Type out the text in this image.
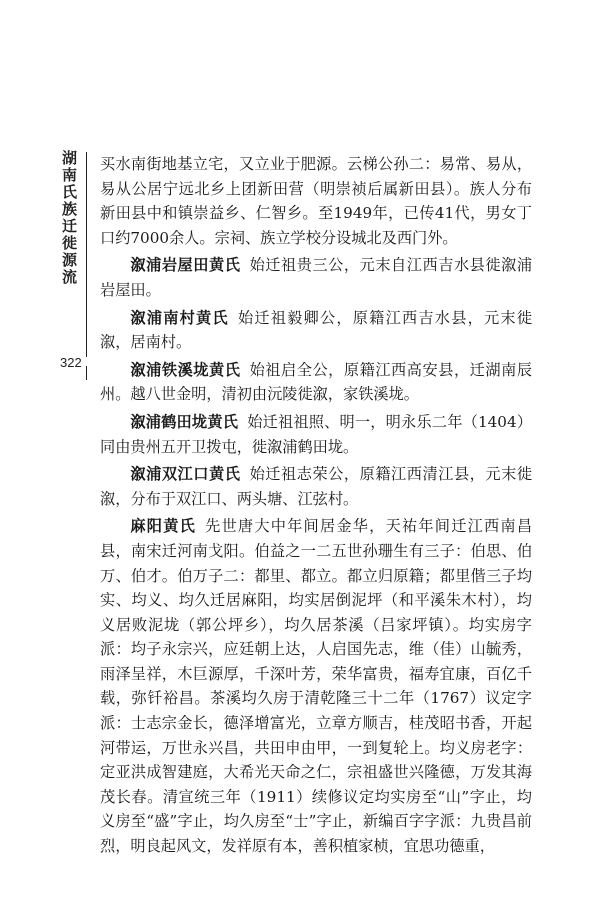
湖南氏族迁徙源流
322

买水南街地基立宅，又立业于肥源。云梯公孙二：易常、易从，易从公居宁远北乡上团新田营（明崇祯后属新田县）。族人分布新田县中和镇崇益乡、仁智乡。至1949年，已传41代，男女丁口约7000余人。宗祠、族立学校分设城北及西门外。

溆浦岩屋田黄氏 始迁祖贵三公，元末自江西吉水县徙溆浦岩屋田。

溆浦南村黄氏 始迁祖毅卿公，原籍江西吉水县，元末徙溆，居南村。

溆浦铁溪垅黄氏 始祖启全公，原籍江西高安县，迁湖南辰州。越八世金明，清初由沅陵徙溆，家铁溪垅。

溆浦鹤田垅黄氏 始迁祖祖照、明一，明永乐二年（1404）同由贵州五开卫拨屯，徙溆浦鹤田垅。

溆浦双江口黄氏 始迁祖志荣公，原籍江西清江县，元末徙溆，分布于双江口、两头塘、江弦村。

麻阳黄氏 先世唐大中年间居金华，天祐年间迁江西南昌县，南宋迁河南戈阳。伯益之一二五世孙珊生有三子：伯思、伯万、伯才。伯万子二：都里、都立。都立归原籍；都里偕三子均实、均义、均久迁居麻阳，均实居倒泥坪（和平溪朱木村），均义居败泥垅（郭公坪乡），均久居茶溪（吕家坪镇）。均实房字派：均子永宗兴，应廷朝上达，人启国先志，维（佳）山毓秀，雨泽呈祥，木巨源厚，千深叶芳，荣华富贵，福寿宜康，百亿千载，弥钎裕昌。茶溪均久房于清乾隆三十二年（1767）议定字派：士志宗金长，德泽增富光，立章方顺吉，桂茂昭书香，开起河带运，万世永兴昌，共田申由甲，一到复轮上。均义房老字：定亚洪成智建庭，大希光天命之仁，宗祖盛世兴隆德，万发其海茂长春。清宣统三年（1911）续修议定均实房至“山”字止，均义房至“盛”字止，均久房至“士”字止，新编百字字派：九贵昌前烈，明良起风文，发祥原有本，善积植家桢，宜思功德重，
